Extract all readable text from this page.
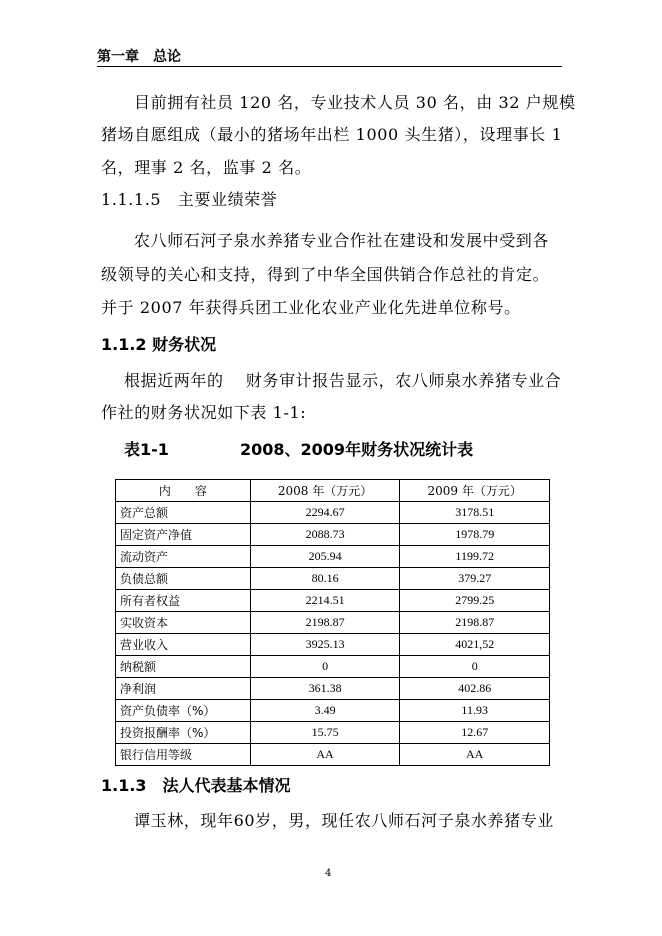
第一章　总论
目前拥有社员 120 名，专业技术人员 30 名，由 32 户规模
猪场自愿组成（最小的猪场年出栏 1000 头生猪），设理事长 1
名，理事 2 名，监事 2 名。
1.1.1.5　主要业绩荣誉
农八师石河子泉水养猪专业合作社在建设和发展中受到各
级领导的关心和支持，得到了中华全国供销合作总社的肯定。
并于 2007 年获得兵团工业化农业产业化先进单位称号。
1.1.2 财务状况
根据近两年的　 财务审计报告显示，农八师泉水养猪专业合
作社的财务状况如下表 1-1:
表1-1	2008、2009年财务状况统计表
内　　容	2008 年（万元）	2009 年（万元）
资产总额	2294.67	3178.51
固定资产净值	2088.73	1978.79
流动资产	205.94	1199.72
负债总额	80.16	379.27
所有者权益	2214.51	2799.25
实收资本	2198.87	2198.87
营业收入	3925.13	4021,52
纳税额	0	0
净利润	361.38	402.86
资产负债率（%）	3.49	11.93
投资报酬率（%）	15.75	12.67
银行信用等级	AA	AA
1.1.3　法人代表基本情况
谭玉林，现年60岁，男，现任农八师石河子泉水养猪专业
4
